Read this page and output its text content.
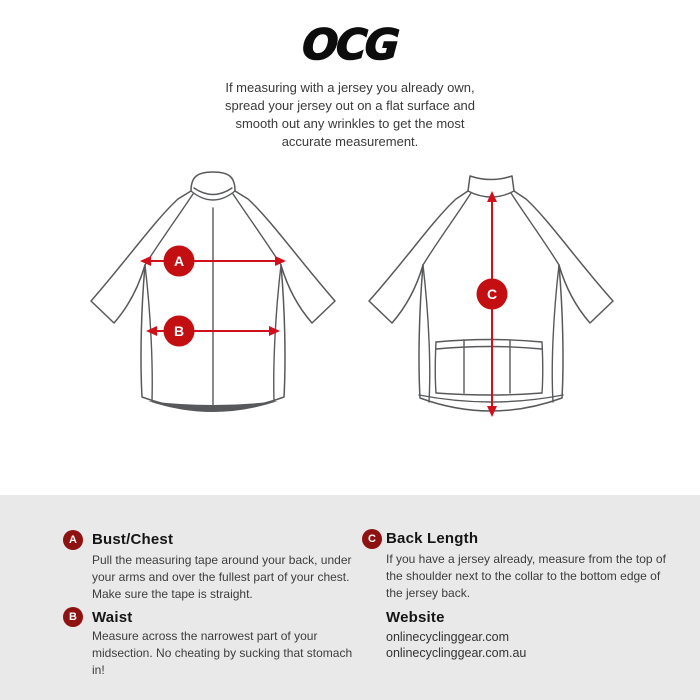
OCG
If measuring with a jersey you already own, spread your jersey out on a flat surface and smooth out any wrinkles to get the most accurate measurement.
A
B
C
A Bust/Chest
Pull the measuring tape around your back, under your arms and over the fullest part of your chest. Make sure the tape is straight.
B Waist
Measure across the narrowest part of your midsection. No cheating by sucking that stomach in!
C Back Length
If you have a jersey already, measure from the top of the shoulder next to the collar to the bottom edge of the jersey back.
Website
onlinecyclinggear.com
onlinecyclinggear.com.au
